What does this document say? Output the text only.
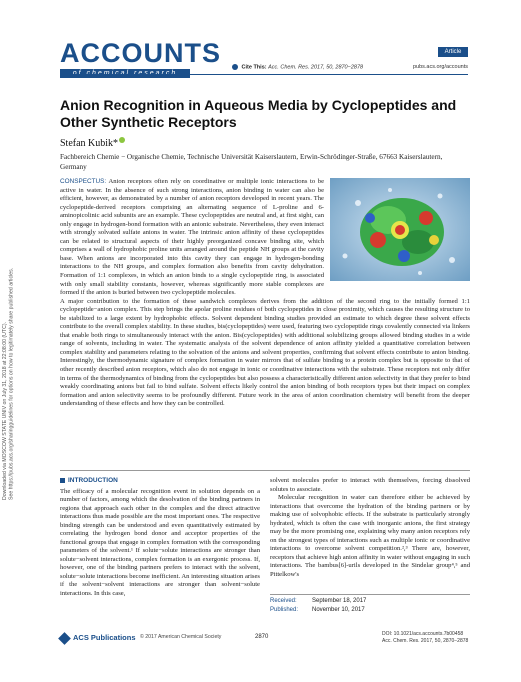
Downloaded via MOSCOW STATE UNIV on July 31, 2018 at 22:08:00 (UTC). See https://pubs.acs.org/sharingguidelines for options on how to legitimately share published articles.
ACCOUNTS	Article
Cite This: Acc. Chem. Res. 2017, 50, 2870−2878	pubs.acs.org/accounts
Anion Recognition in Aqueous Media by Cyclopeptides and Other Synthetic Receptors
Stefan Kubik*
Fachbereich Chemie − Organische Chemie, Technische Universität Kaiserslautern, Erwin-Schrödinger-Straße, 67663 Kaiserslautern, Germany
CONSPECTUS: Anion receptors often rely on coordinative or multiple ionic interactions to be active in water. In the absence of such strong interactions, anion binding in water can also be efficient, however, as demonstrated by a number of anion receptors developed in recent years. The cyclopeptide-derived receptors comprising an alternating sequence of L-proline and 6-aminopicolinic acid subunits are an example. These cyclopeptides are neutral and, at first sight, can only engage in hydrogen-bond formation with an anionic substrate. Nevertheless, they even interact with strongly solvated sulfate anions in water. The intrinsic anion affinity of these cyclopeptides can be related to structural aspects of their highly preorganized concave binding site, which comprises a wall of hydrophobic proline units arranged around the peptide NH groups at the cavity base. When anions are incorporated into this cavity they can engage in hydrogen-bonding interactions to the NH groups, and complex formation also benefits from cavity dehydration. Formation of 1:1 complexes, in which an anion binds to a single cyclopeptide ring, is associated with only small stability constants, however, whereas significantly more stable complexes are formed if the anion is buried between two cyclopeptide molecules.
A major contribution to the formation of these sandwich complexes derives from the addition of the second ring to the initially formed 1:1 cyclopeptide−anion complex. This step brings the apolar proline residues of both cyclopeptides in close proximity, which causes the resulting structure to be stabilized to a large extent by hydrophobic effects. Solvent dependent binding studies provided an estimate to which degree these solvent effects contribute to the overall complex stability. In these studies, bis(cyclopeptides) were used, featuring two cyclopeptide rings covalently connected via linkers that enable both rings to simultaneously interact with the anion. Bis(cyclopeptides) with additional solubilizing groups allowed binding studies in a wide range of solvents, including in water. The systematic analysis of the solvent dependence of anion affinity yielded a quantitative correlation between complex stability and parameters relating to the solvation of the anions and solvent properties, confirming that solvent effects contribute to anion binding. Interestingly, the thermodynamic signature of complex formation in water mirrors that of sulfate binding to a protein complex but is opposite to that of other recently described anion receptors, which also do not engage in ionic or coordinative interactions with the substrate. These receptors not only differ in terms of the thermodynamics of binding from the cyclopeptides but also possess a characteristically different anion selectivity in that they prefer to bind weakly coordinating anions but fail to bind sulfate. Solvent effects likely control the anion binding of both receptors types but their impact on complex formation and anion selectivity seems to be profoundly different. Future work in the area of anion coordination chemistry will benefit from the deeper understanding of these effects and how they can be controlled.
INTRODUCTION

The efficacy of a molecular recognition event in solution depends on a number of factors, among which the desolvation of the binding partners in regions that approach each other in the complex and the direct attractive interactions thus made possible are the most important ones. The respective binding strength can be understood and even quantitatively estimated by correlating the hydrogen bond donor and acceptor properties of the functional groups that engage in complex formation with the corresponding parameters of the solvent.¹ If solute−solute interactions are stronger than solute−solvent interactions, complex formation is an exergonic process. If, however, one of the binding partners prefers to interact with the solvent, solute−solute interactions become inefficient. An interesting situation arises if the solvent−solvent interactions are stronger than solvent−solute interactions. In this case,

solvent molecules prefer to interact with themselves, forcing dissolved solutes to associate.

Molecular recognition in water can therefore either be achieved by interactions that overcome the hydration of the binding partners or by making use of solvophobic effects. If the substrate is particularly strongly hydrated, which is often the case with inorganic anions, the first strategy may be the more promising one, explaining why many anion receptors rely on the strongest types of interactions such as multiple ionic or coordinative interactions to overcome solvent competition.²,³ There are, however, receptors that achieve high anion affinity in water without engaging in such interactions. The bambus[6]-urils developed in the Sindelar group⁴,⁵ and Pittelkow's

Received:	September 18, 2017
Published: November 10, 2017
ACS Publications © 2017 American Chemical Society	2870	DOI: 10.1021/acs.accounts.7b00458
Acc. Chem. Res. 2017, 50, 2870−2878
